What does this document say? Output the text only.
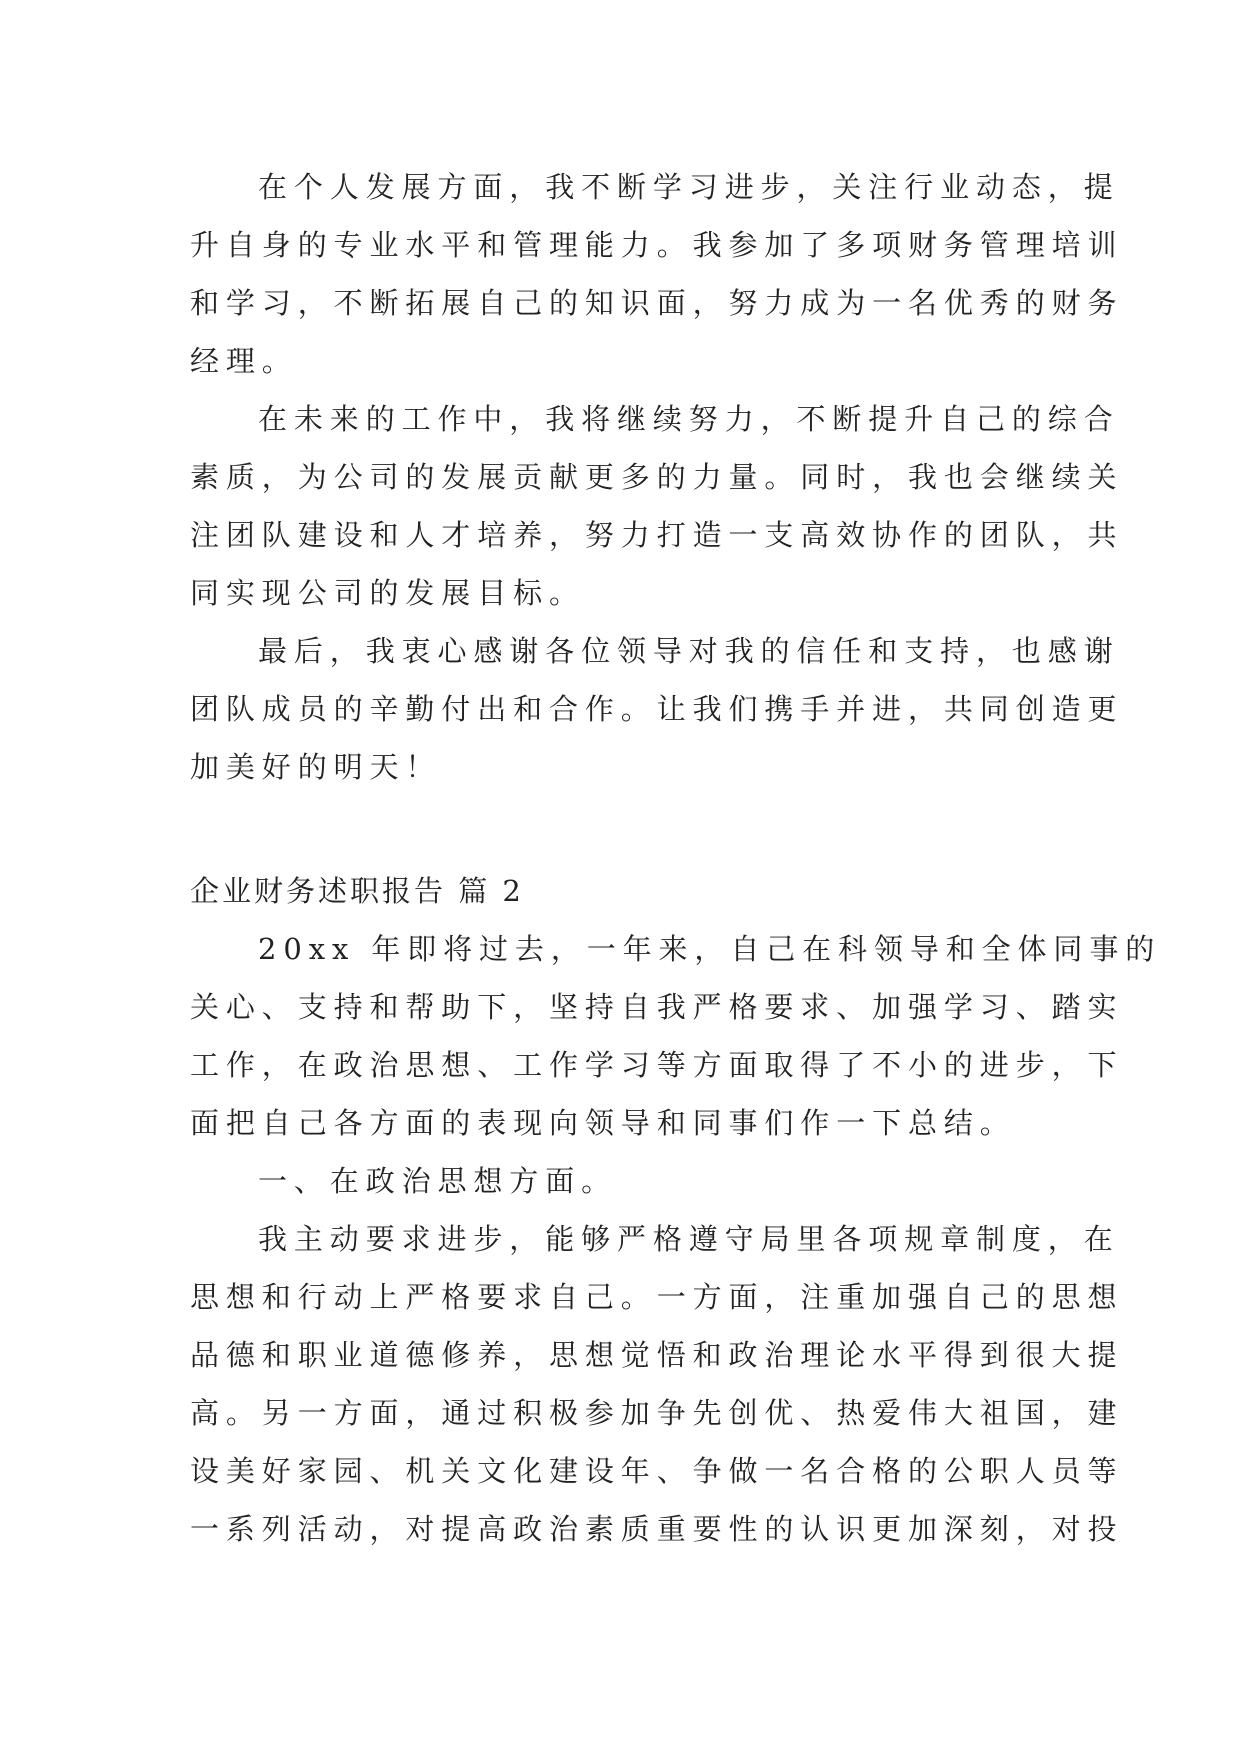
在个人发展方面，我不断学习进步，关注行业动态，提
升自身的专业水平和管理能力。我参加了多项财务管理培训
和学习，不断拓展自己的知识面，努力成为一名优秀的财务
经理。
在未来的工作中，我将继续努力，不断提升自己的综合
素质，为公司的发展贡献更多的力量。同时，我也会继续关
注团队建设和人才培养，努力打造一支高效协作的团队，共
同实现公司的发展目标。
最后，我衷心感谢各位领导对我的信任和支持，也感谢
团队成员的辛勤付出和合作。让我们携手并进，共同创造更
加美好的明天！
企业财务述职报告 篇 2
20xx 年即将过去，一年来，自己在科领导和全体同事的
关心、支持和帮助下，坚持自我严格要求、加强学习、踏实
工作，在政治思想、工作学习等方面取得了不小的进步，下
面把自己各方面的表现向领导和同事们作一下总结。
一、在政治思想方面。
我主动要求进步，能够严格遵守局里各项规章制度，在
思想和行动上严格要求自己。一方面，注重加强自己的思想
品德和职业道德修养，思想觉悟和政治理论水平得到很大提
高。另一方面，通过积极参加争先创优、热爱伟大祖国，建
设美好家园、机关文化建设年、争做一名合格的公职人员等
一系列活动，对提高政治素质重要性的认识更加深刻，对投
